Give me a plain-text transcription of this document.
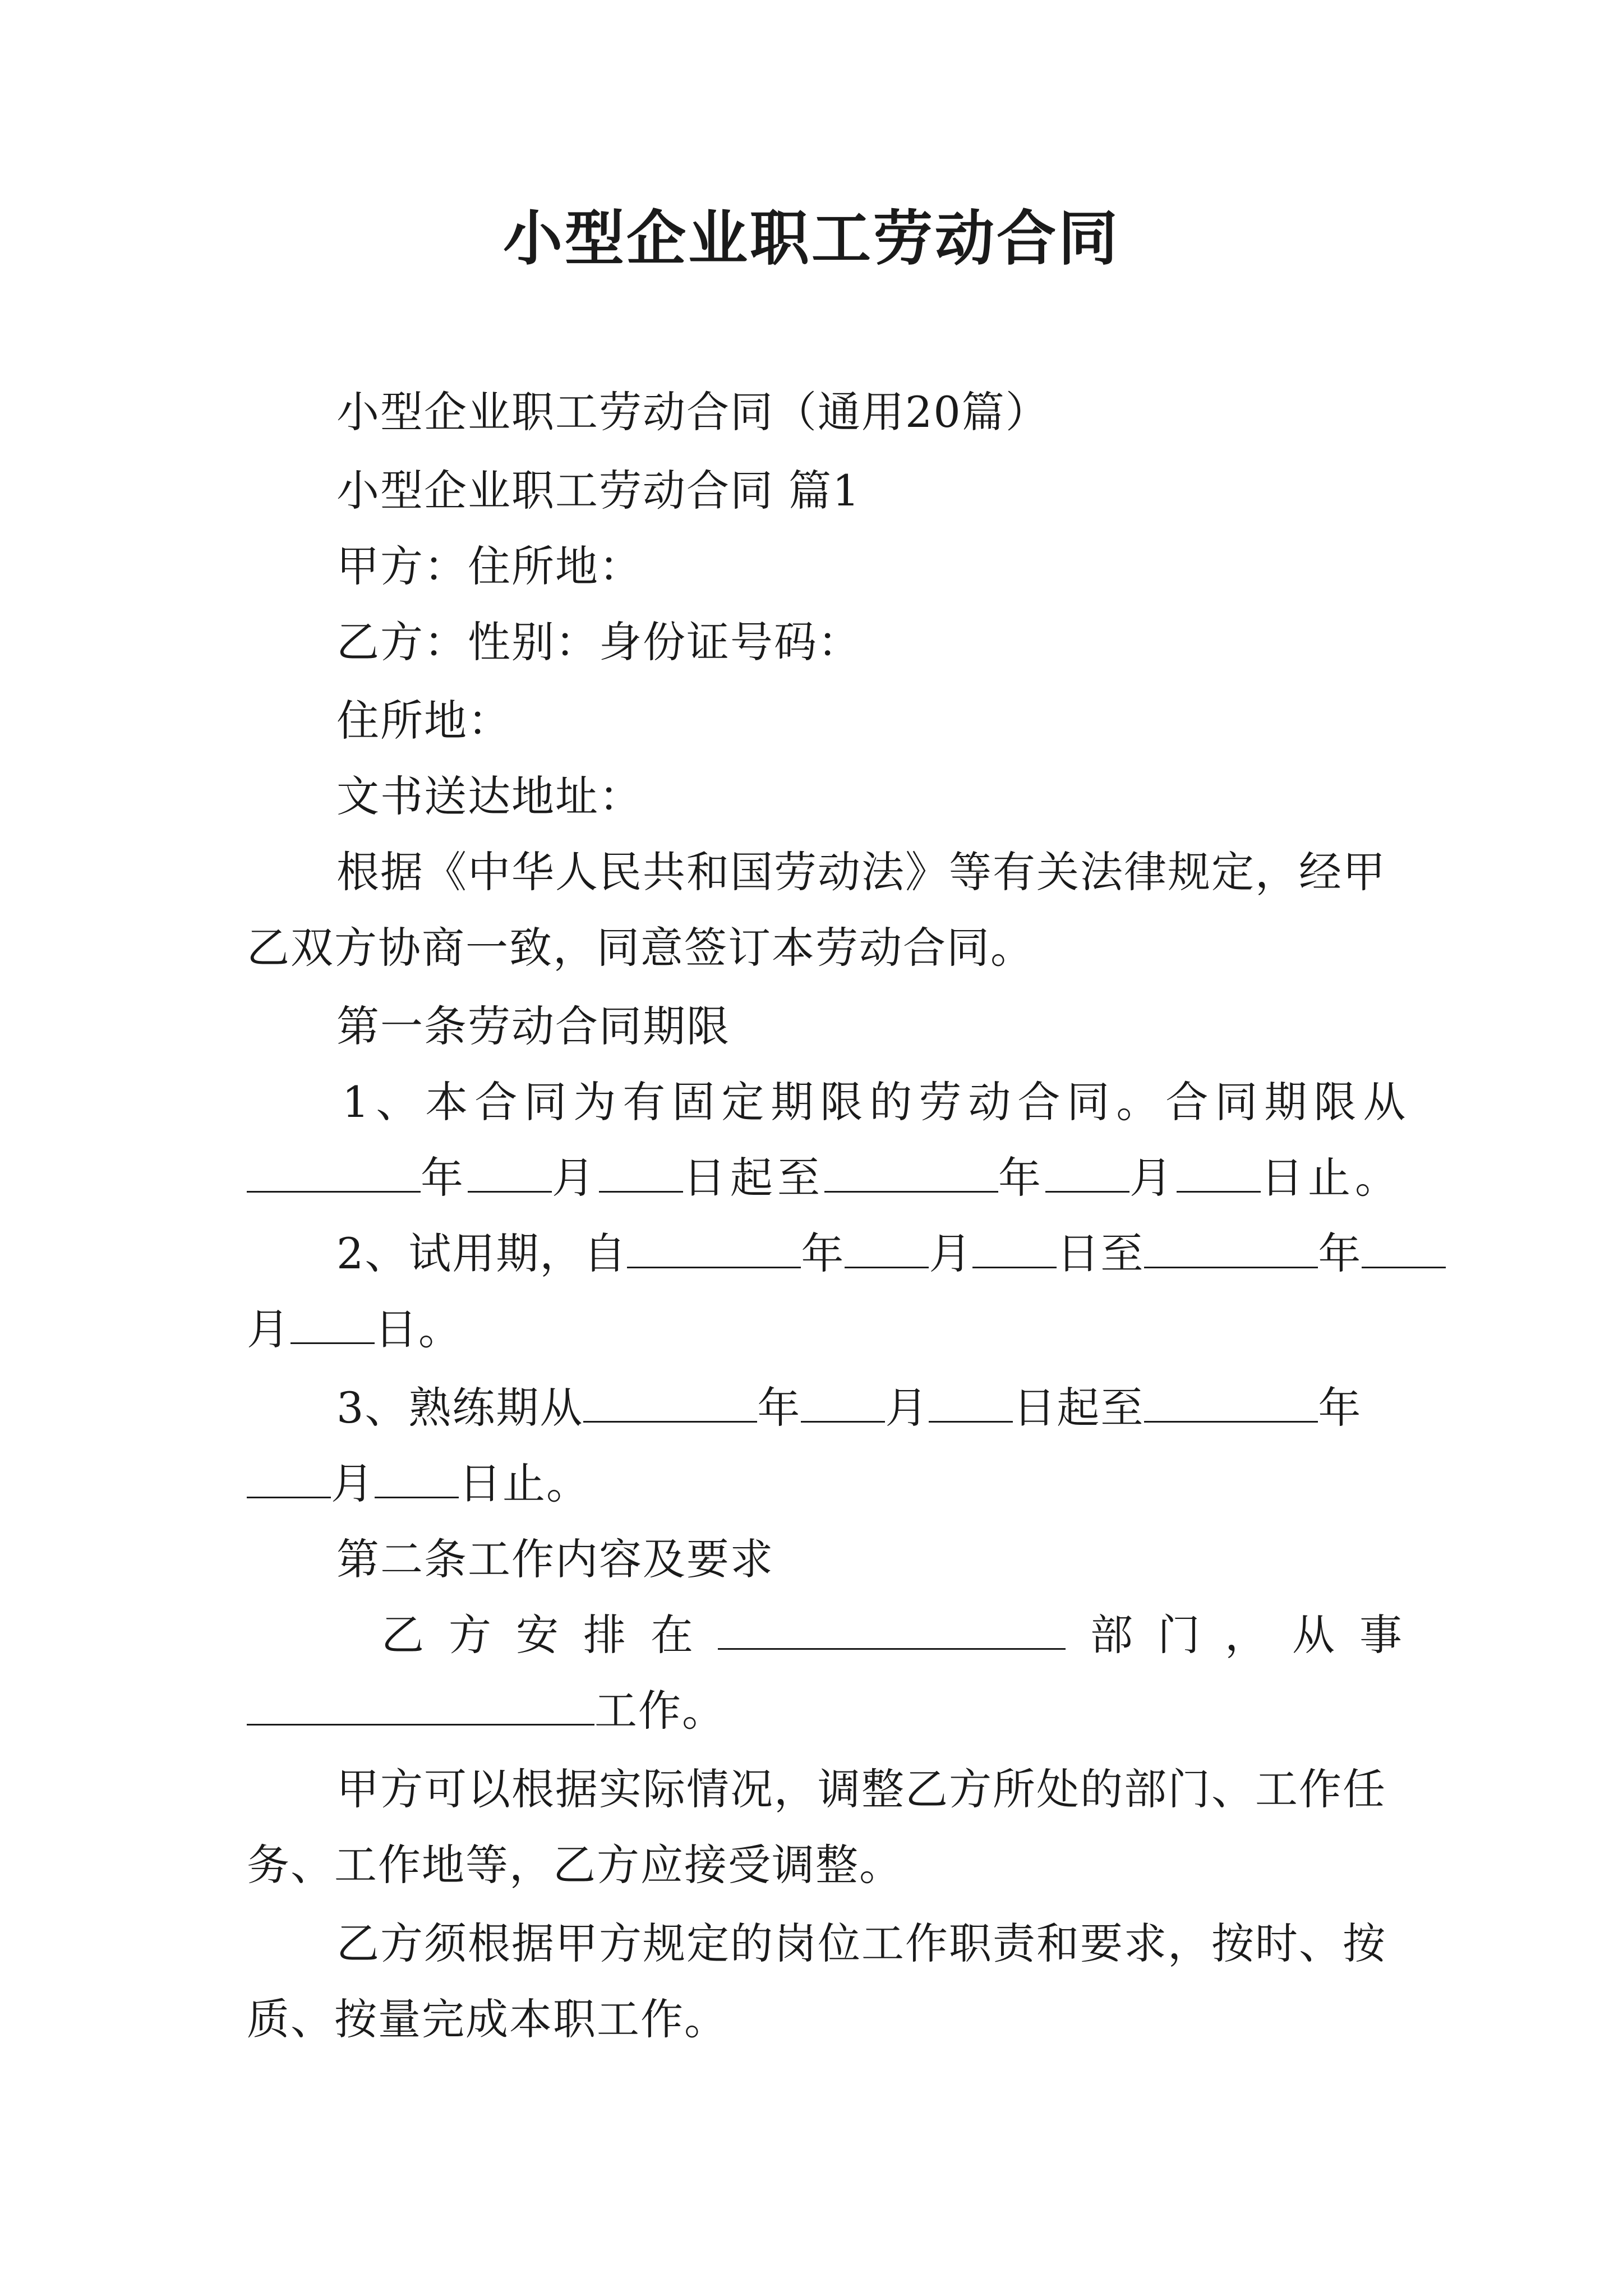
小型企业职工劳动合同
小型企业职工劳动合同（通用20篇）
小型企业职工劳动合同 篇1
甲方：住所地：
乙方：性别：身份证号码：
住所地：
文书送达地址：
根据《中华人民共和国劳动法》等有关法律规定，经甲
乙双方协商一致，同意签订本劳动合同。
第一条劳动合同期限
1、本合同为有固定期限的劳动合同。合同期限从
年 月 日起至	年 月 日止。
2、试用期，自	年 月 日至	年
月 日。
3、熟练期从	年 月 日起至	年
月 日止。
第二条工作内容及要求
乙方安排在	部门，从事
工作。
甲方可以根据实际情况，调整乙方所处的部门、工作任
务、工作地等，乙方应接受调整。
乙方须根据甲方规定的岗位工作职责和要求，按时、按
质、按量完成本职工作。
